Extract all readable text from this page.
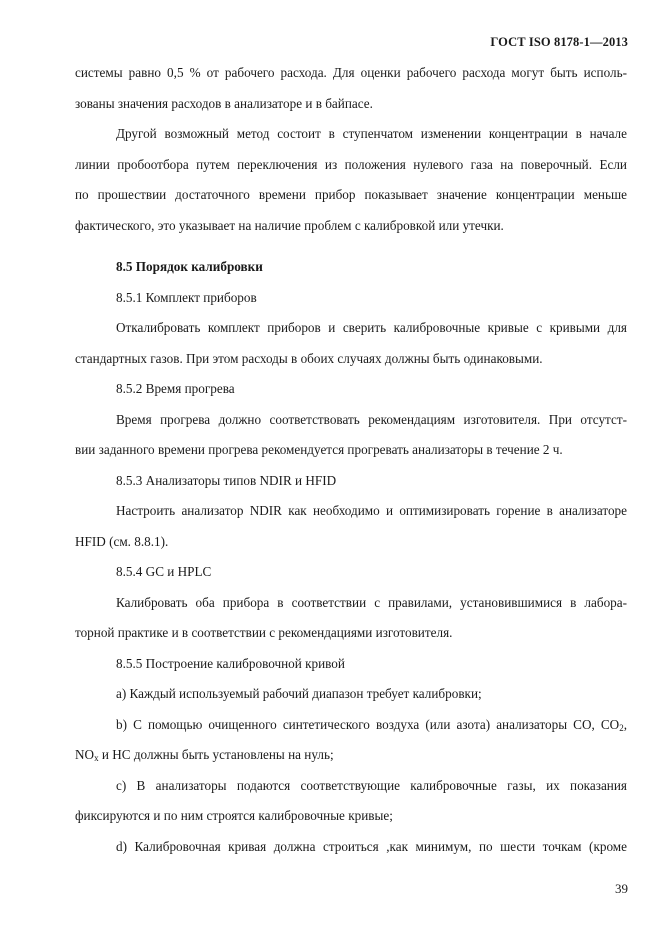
ГОСТ ISO 8178-1—2013

системы равно 0,5 % от рабочего расхода. Для оценки рабочего расхода могут быть исполь-

зованы значения расходов в анализаторе и в байпасе.

Другой возможный метод состоит в ступенчатом изменении концентрации в начале

линии пробоотбора путем переключения из положения нулевого газа на поверочный. Если

по прошествии достаточного времени прибор показывает значение концентрации меньше

фактического, это указывает на наличие проблем с калибровкой или утечки.

8.5 Порядок калибровки

8.5.1 Комплект приборов

Откалибровать комплект приборов и сверить калибровочные кривые с кривыми для

стандартных газов. При этом расходы в обоих случаях должны быть одинаковыми.

8.5.2 Время прогрева

Время прогрева должно соответствовать рекомендациям изготовителя. При отсутст-

вии заданного времени прогрева рекомендуется прогревать анализаторы в течение 2 ч.

8.5.3 Анализаторы типов NDIR и HFID

Настроить анализатор NDIR как необходимо и оптимизировать горение в анализаторе

HFID (см. 8.8.1).

8.5.4 GC и HPLC

Калибровать оба прибора в соответствии с правилами, установившимися в лабора-

торной практике и в соответствии с рекомендациями изготовителя.

8.5.5 Построение калибровочной кривой

a) Каждый используемый рабочий диапазон требует калибровки;

b) С помощью очищенного синтетического воздуха (или азота) анализаторы CO, $CO_2$,

$NO_x$ и HC должны быть установлены на нуль;

c) В анализаторы подаются соответствующие калибровочные газы, их показания

фиксируются и по ним строятся калибровочные кривые;

d) Калибровочная кривая должна строиться ,как минимум, по шести точкам (кроме

39
